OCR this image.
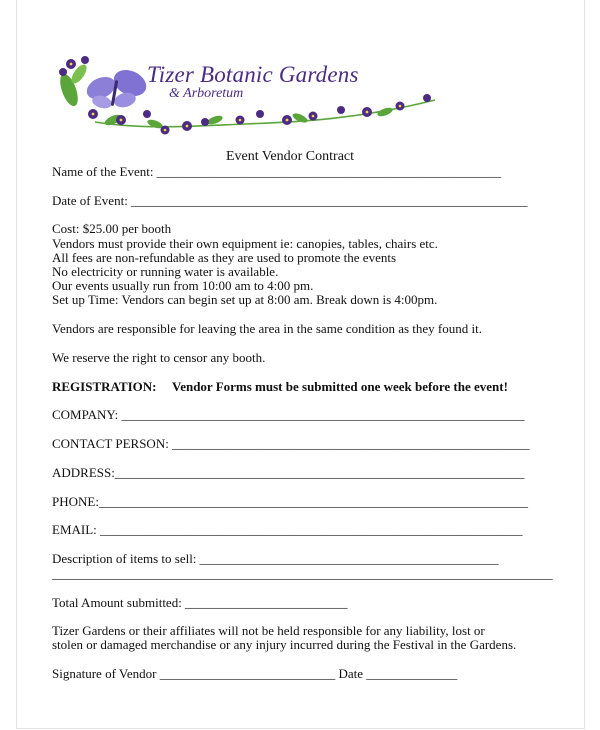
Tizer Botanic Gardens
& Arboretum
Event Vendor Contract
Name of the Event: _____________________________________________________
Date of Event: _____________________________________________________________
Cost: $25.00 per booth
Vendors must provide their own equipment ie: canopies, tables, chairs etc.
All fees are non-refundable as they are used to promote the events
No electricity or running water is available.
Our events usually run from 10:00 am to 4:00 pm.
Set up Time: Vendors can begin set up at 8:00 am. Break down is 4:00pm.
Vendors are responsible for leaving the area in the same condition as they found it.
We reserve the right to censor any booth.
REGISTRATION: Vendor Forms must be submitted one week before the event!
COMPANY: ______________________________________________________________
CONTACT PERSON: _______________________________________________________
ADDRESS:_______________________________________________________________
PHONE:__________________________________________________________________
EMAIL: _________________________________________________________________
Description of items to sell: ______________________________________________
_____________________________________________________________________________
Total Amount submitted: _________________________
Tizer Gardens or their affiliates will not be held responsible for any liability, lost or
stolen or damaged merchandise or any injury incurred during the Festival in the Gardens.
Signature of Vendor ___________________________ Date ______________
